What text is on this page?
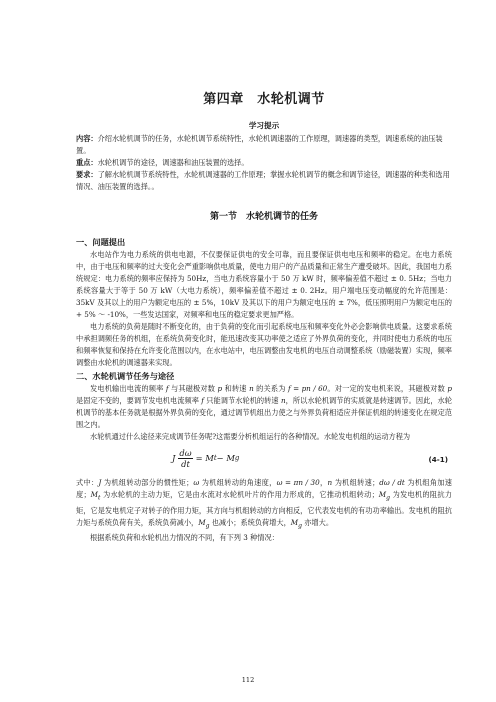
第四章　水轮机调节
学习提示

内容：介绍水轮机调节的任务，水轮机调节系统特性，水轮机调速器的工作原理，调速器的类型，调速系统的油压装置。

重点：水轮机调节的途径，调速器和油压装置的选择。

要求：了解水轮机调节系统特性，水轮机调速器的工作原理；掌握水轮机调节的概念和调节途径，调速器的种类和选用情况、油压装置的选择。。

第一节　水轮机调节的任务
一、问题提出

水电站作为电力系统的供电电源，不仅要保证供电的安全可靠，而且要保证供电电压和频率的稳定。在电力系统中，由于电压和频率的过大变化会严重影响供电质量，使电力用户的产品质量和正常生产遭受破坏。因此，我国电力系统规定：电力系统的频率应保持为 50Hz，当电力系统容量小于 50 万 kW 时，频率偏差值不超过 ± 0. 5Hz；当电力系统容量大于等于 50 万 kW（大电力系统），频率偏差值不超过 ± 0. 2Hz。用户端电压变动幅度的允许范围是：35kV 及其以上的用户为额定电压的 ± 5%，10kV 及其以下的用户为额定电压的 ± 7%，低压照明用户为额定电压的 + 5% ～ -10%，一些发达国家，对频率和电压的稳定要求更加严格。

电力系统的负荷是随时不断变化的，由于负荷的变化而引起系统电压和频率变化外必会影响供电质量。这要求系统中承担调频任务的机组，在系统负荷变化时，能迅速改变其功率使之适应了外界负荷的变化，并同时使电力系统的电压和频率恢复和保持在允许变化范围以内，在水电站中，电压调整由发电机的电压自动调整系统（励磁装置）实现，频率调整由水轮机的调速器来实现。

二、水轮机调节任务与途径

发电机输出电流的频率 f 与其磁极对数 p 和转速 n 的关系为 f = pn / 60。对一定的发电机来说，其磁极对数 p 是固定不变的，要调节发电机电流频率 f 只能调节水轮机的转速 n，所以水轮机调节的实质就是转速调节。因此，水轮机调节的基本任务就是根据外界负荷的变化，通过调节机组出力使之与外界负荷相适应并保证机组的转速变化在规定范围之内。

水轮机通过什么途径来完成调节任务呢?这需要分析机组运行的各种情况。水轮发电机组的运动方程为

J $\frac{d\omega}{dt} = M$ t − M g	(4-1)

式中：J 为机组转动部分的惯性矩；ω 为机组转动的角速度，ω = πn / 30，n 为机组转速；dω / dt 为机组角加速度；$M_t$ 为水轮机的主动力矩，它是由水流对水轮机叶片的作用力形成的，它推动机组转动；$M_g$ 为发电机的阻抗力矩，它是发电机定子对转子的作用力矩，其方向与机组转动的方向相反，它代表发电机的有功功率输出。发电机的阻抗力矩与系统负荷有关，系统负荷减小，$M_g$ 也减小；系统负荷增大，$M_g$ 亦增大。

根据系统负荷和水轮机出力情况的不同，有下列 3 种情况：

112
